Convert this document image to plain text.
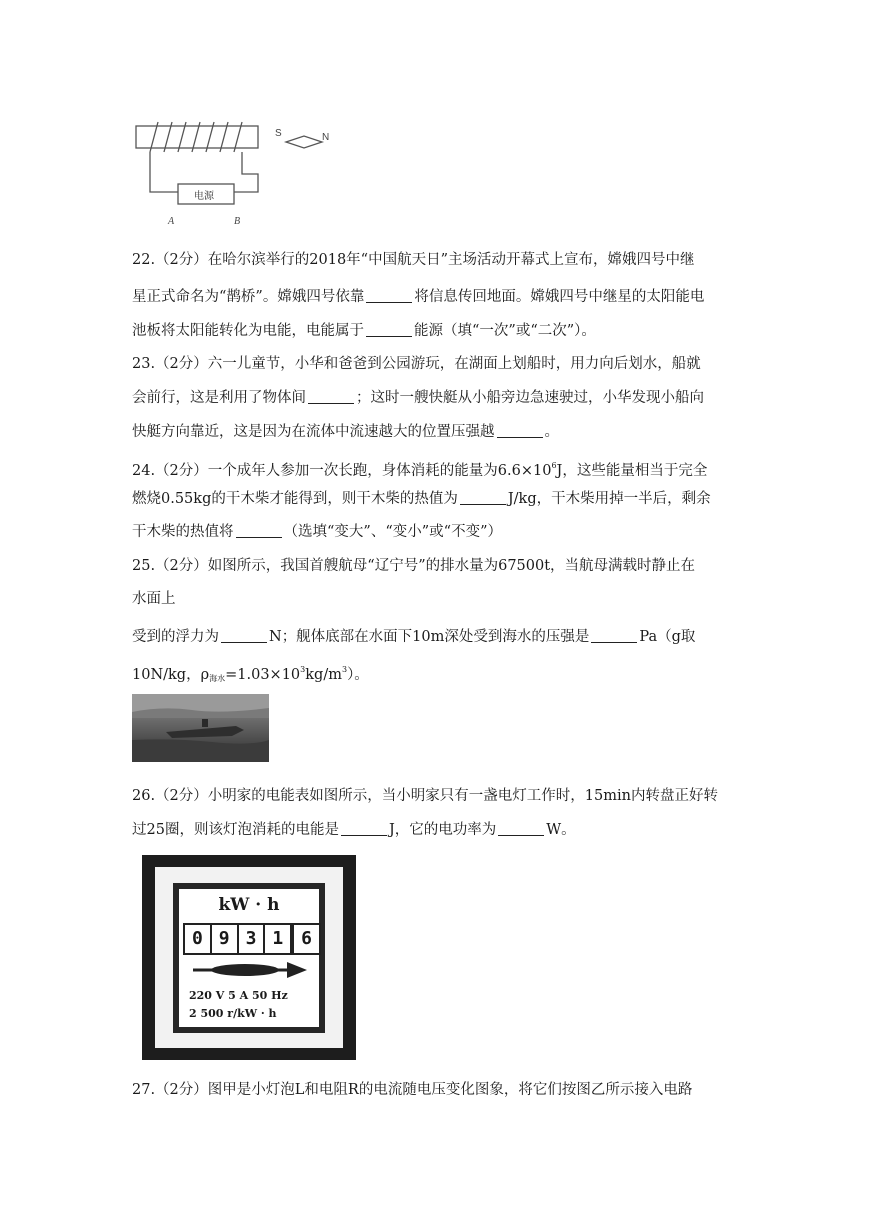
S	N
电源
A	B
22.（2分）在哈尔滨举行的2018年“中国航天日”主场活动开幕式上宣布，嫦娥四号中继
星正式命名为“鹊桥”。嫦娥四号依靠	将信息传回地面。嫦娥四号中继星的太阳能电
池板将太阳能转化为电能，电能属于	能源（填“一次”或“二次”）。
23.（2分）六一儿童节，小华和爸爸到公园游玩，在湖面上划船时，用力向后划水，船就
会前行，这是利用了物体间	；这时一艘快艇从小船旁边急速驶过，小华发现小船向
快艇方向靠近，这是因为在流体中流速越大的位置压强越	。
24.（2分）一个成年人参加一次长跑，身体消耗的能量为$6.6\times 10^6J$，这些能量相当于完全
燃烧0.55kg的干木柴才能得到，则干木柴的热值为	J/kg，干木柴用掉一半后，剩余
干木柴的热值将	（选填“变大”、“变小”或“不变”）
25.（2分）如图所示，我国首艘航母“辽宁号”的排水量为67500t，当航母满载时静止在
水面上
受到的浮力为	N；舰体底部在水面下10m深处受到海水的压强是	Pa（g取
10N/kg，$\rho_{海水}=1.03\times 10^3kg/m^3$）。
26.（2分）小明家的电能表如图所示，当小明家只有一盏电灯工作时，15min内转盘正好转
过25圈，则该灯泡消耗的电能是	J，它的电功率为	W。
kW · h
0 9 3 1 6
220 V 5 A 50 Hz
2 500 r/kW · h
27.（2分）图甲是小灯泡L和电阻R的电流随电压变化图象，将它们按图乙所示接入电路
